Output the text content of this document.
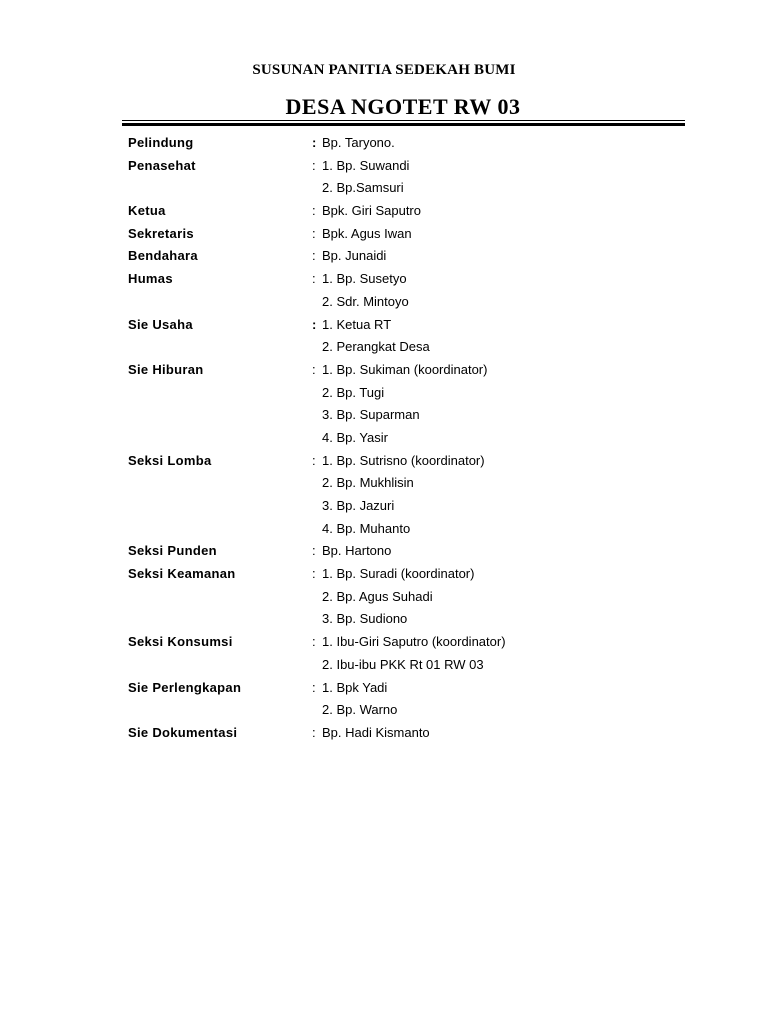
SUSUNAN PANITIA SEDEKAH BUMI
DESA NGOTET RW 03
Pelindung	: Bp. Taryono.
Penasehat	: 1. Bp. Suwandi
2. Bp.Samsuri
Ketua	: Bpk. Giri Saputro
Sekretaris	: Bpk. Agus Iwan
Bendahara	: Bp. Junaidi
Humas	: 1. Bp. Susetyo
2. Sdr. Mintoyo
Sie Usaha	: 1. Ketua RT
2. Perangkat Desa
Sie Hiburan	: 1. Bp. Sukiman (koordinator)
2. Bp. Tugi
3. Bp. Suparman
4. Bp. Yasir
Seksi Lomba	: 1. Bp. Sutrisno (koordinator)
2. Bp. Mukhlisin
3. Bp. Jazuri
4. Bp. Muhanto
Seksi Punden	: Bp. Hartono
Seksi Keamanan	: 1. Bp. Suradi (koordinator)
2. Bp. Agus Suhadi
3. Bp. Sudiono
Seksi Konsumsi	: 1. Ibu-Giri Saputro (koordinator)
2. Ibu-ibu PKK Rt 01 RW 03
Sie Perlengkapan	: 1. Bpk Yadi
2. Bp. Warno
Sie Dokumentasi	: Bp. Hadi Kismanto
